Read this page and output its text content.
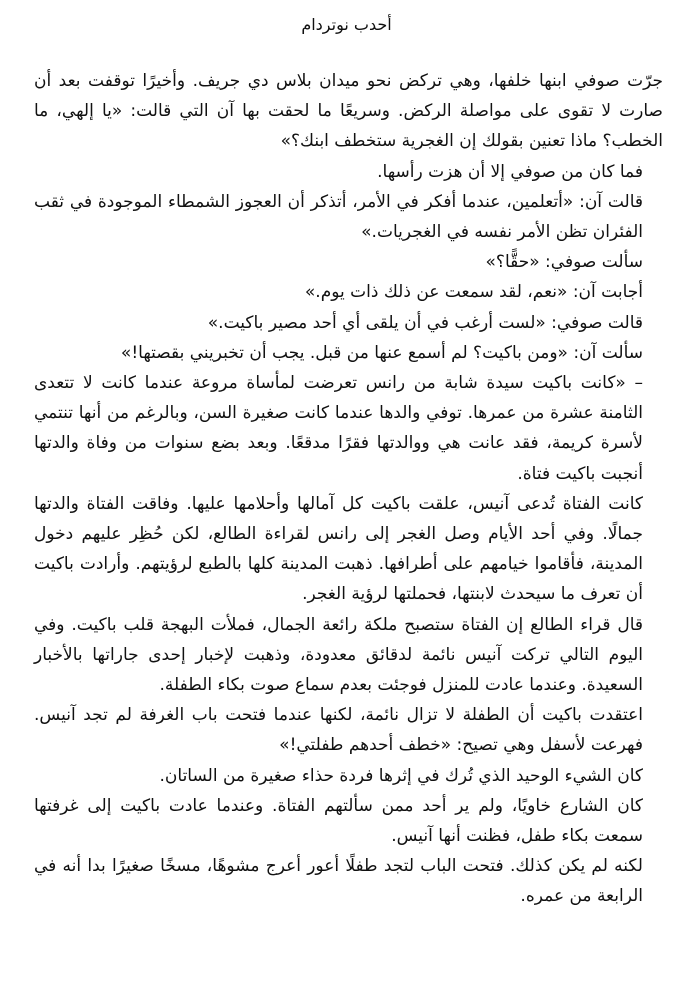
أحدب نوتردام

جرّت صوفي ابنها خلفها، وهي تركض نحو ميدان بلاس دي جريف. وأخيرًا توقفت بعد أن صارت لا تقوى على مواصلة الركض. وسريعًا ما لحقت بها آن التي قالت: «يا إلهي، ما الخطب؟ ماذا تعنين بقولك إن الغجرية ستخطف ابنك؟»

فما كان من صوفي إلا أن هزت رأسها.

قالت آن: «أتعلمين، عندما أفكر في الأمر، أتذكر أن العجوز الشمطاء الموجودة في ثقب الفئران تظن الأمر نفسه في الغجريات.»

سألت صوفي: «حقًّا؟»

أجابت آن: «نعم، لقد سمعت عن ذلك ذات يوم.»

قالت صوفي: «لست أرغب في أن يلقى أي أحد مصير باكيت.»

سألت آن: «ومن باكيت؟ لم أسمع عنها من قبل. يجب أن تخبريني بقصتها!»

– «كانت باكيت سيدة شابة من رانس تعرضت لمأساة مروعة عندما كانت لا تتعدى الثامنة عشرة من عمرها. توفي والدها عندما كانت صغيرة السن، وبالرغم من أنها تنتمي لأسرة كريمة، فقد عانت هي ووالدتها فقرًا مدقعًا. وبعد بضع سنوات من وفاة والدتها أنجبت باكيت فتاة.

كانت الفتاة تُدعى آنيس، علقت باكيت كل آمالها وأحلامها عليها. وفاقت الفتاة والدتها جمالًا. وفي أحد الأيام وصل الغجر إلى رانس لقراءة الطالع، لكن حُظِر عليهم دخول المدينة، فأقاموا خيامهم على أطرافها. ذهبت المدينة كلها بالطبع لرؤيتهم. وأرادت باكيت أن تعرف ما سيحدث لابنتها، فحملتها لرؤية الغجر.

قال قراء الطالع إن الفتاة ستصبح ملكة رائعة الجمال، فملأت البهجة قلب باكيت. وفي اليوم التالي تركت آنيس نائمة لدقائق معدودة، وذهبت لإخبار إحدى جاراتها بالأخبار السعيدة. وعندما عادت للمنزل فوجئت بعدم سماع صوت بكاء الطفلة.

اعتقدت باكيت أن الطفلة لا تزال نائمة، لكنها عندما فتحت باب الغرفة لم تجد آنيس. فهرعت لأسفل وهي تصيح: «خطف أحدهم طفلتي!»

كان الشيء الوحيد الذي تُرك في إثرها فردة حذاء صغيرة من الساتان.

كان الشارع خاويًا، ولم ير أحد ممن سألتهم الفتاة. وعندما عادت باكيت إلى غرفتها سمعت بكاء طفل، فظنت أنها آنيس.

لكنه لم يكن كذلك. فتحت الباب لتجد طفلًا أعور أعرج مشوهًا، مسخًا صغيرًا بدا أنه في الرابعة من عمره.
